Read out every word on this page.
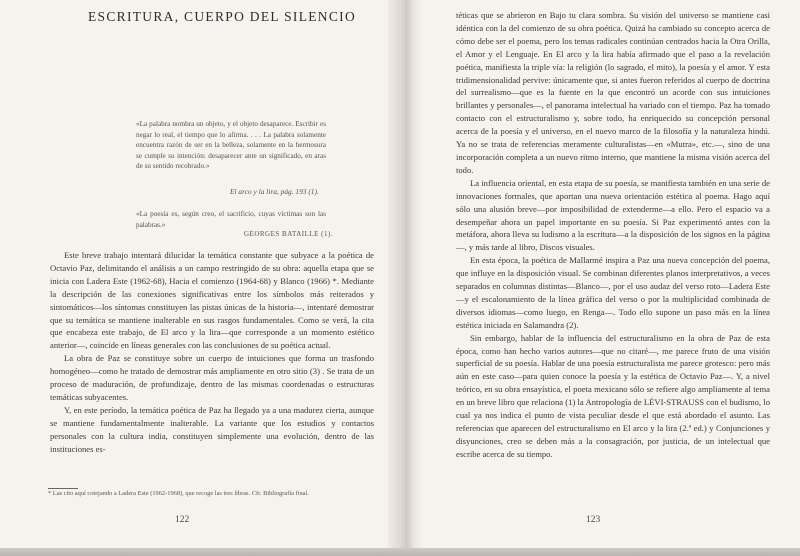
ESCRITURA, CUERPO DEL SILENCIO
«La palabra nombra un objeto, y el objeto desaparece. Escribir es negar lo real, el tiempo que lo afirma. . . . La palabra solamente encuentra razón de ser en la belleza, solamente en la hermosura se cumple su intención: desaparecer ante un significado, en aras de su sentido recobrado.»
El arco y la lira, pág. 193 (1).
«La poesía es, según creo, el sacrificio, cuyas víctimas son las palabras.»
GEORGES BATAILLE (1).

Este breve trabajo intentará dilucidar la temática constante que subyace a la poética de Octavio Paz, delimitando el análisis a un campo restringido de su obra: aquella etapa que se inicia con Ladera Este (1962-68), Hacia el comienzo (1964-68) y Blanco (1966) *. Mediante la descripción de las conexiones significativas entre los símbolos más reiterados y sintomáticos—los síntomas constituyen las pistas únicas de la historia—, intentaré demostrar que su temática se mantiene inalterable en sus rasgos fundamentales. Como se verá, la cita que encabeza este trabajo, de El arco y la lira—que corresponde a un momento estético anterior—, coincide en líneas generales con las conclusiones de su poética actual.

La obra de Paz se constituye sobre un cuerpo de intuiciones que forma un trasfondo homogéneo—como he tratado de demostrar más ampliamente en otro sitio (3) . Se trata de un proceso de maduración, de profundizaje, dentro de las mismas coordenadas o estructuras temáticas subyacentes.

Y, en este período, la temática poética de Paz ha llegado ya a una madurez cierta, aunque se mantiene fundamentalmente inalterable. La variante que los estudios y contactos personales con la cultura india, constituyen simplemente una evolución, dentro de las instituciones es-

* Las cito aquí cotejando a Ladera Este (1962-1968), que recoge las tres libras. Cfr. Bibliografía final.
122

téticas que se abrieron en Bajo tu clara sombra. Su visión del universo se mantiene casi idéntica con la del comienzo de su obra poética. Quizá ha cambiado su concepto acerca de cómo debe ser el poema, pero los temas radicales continúan centrados hacia la Otra Orilla, el Amor y el Lenguaje. En El arco y la lira había afirmado que el paso a la revelación poética, manifiesta la triple vía: la religión (lo sagrado, el mito), la poesía y el amor. Y esta tridimensionalidad pervive: únicamente que, si antes fueron referidos al cuerpo de doctrina del surrealismo—que es la fuente en la que encontró un acorde con sus intuiciones brillantes y personales—, el panorama intelectual ha variado con el tiempo. Paz ha tomado contacto con el estructuralismo y, sobre todo, ha enriquecido su concepción personal acerca de la poesía y el universo, en el nuevo marco de la filosofía y la naturaleza hindú. Ya no se trata de referencias meramente culturalistas—en «Mutra», etc.—, sino de una incorporación completa a un nuevo ritmo interno, que mantiene la misma visión acerca del todo.

La influencia oriental, en esta etapa de su poesía, se manifiesta también en una serie de innovaciones formales, que aportan una nueva orientación estética al poema. Hago aquí sólo una alusión breve—por imposibilidad de extenderme—a ello. Pero el espacio va a desempeñar ahora un papel importante en su poesía. Si Paz experimentó antes con la metáfora, ahora lleva su ludismo a la escritura—a la disposición de los signos en la página—, y más tarde al libro, Discos visuales.

En esta época, la poética de Mallarmé inspira a Paz una nueva concepción del poema, que influye en la disposición visual. Se combinan diferentes planos interpretativos, a veces separados en columnas distintas—Blanco—, por el uso audaz del verso roto—Ladera Este—y el escalonamiento de la línea gráfica del verso o por la multiplicidad combinada de diversos idiomas—como luego, en Renga—. Todo ello supone un paso más en la línea estética iniciada en Salamandra (2).

Sin embargo, hablar de la influencia del estructuralismo en la obra de Paz de esta época, como han hecho varios autores—que no citaré—, me parece fruto de una visión superficial de su poesía. Hablar de una poesía estructuralista me parece grotesco: pero más aún en este caso—para quien conoce la poesía y la estética de Octavio Paz—. Y, a nivel teórico, en su obra ensayística, el poeta mexicano sólo se refiere algo ampliamente al tema en un breve libro que relaciona (1) la Antropología de LÉVI-STRAUSS con el budismo, lo cual ya nos indica el punto de vista peculiar desde el que está abordado el asunto. Las referencias que aparecen del estructuralismo en El arco y la lira (2.ª ed.) y Conjunciones y disyunciones, creo se deben más a la consagración, por justicia, de un intelectual que escribe acerca de su tiempo.

123
